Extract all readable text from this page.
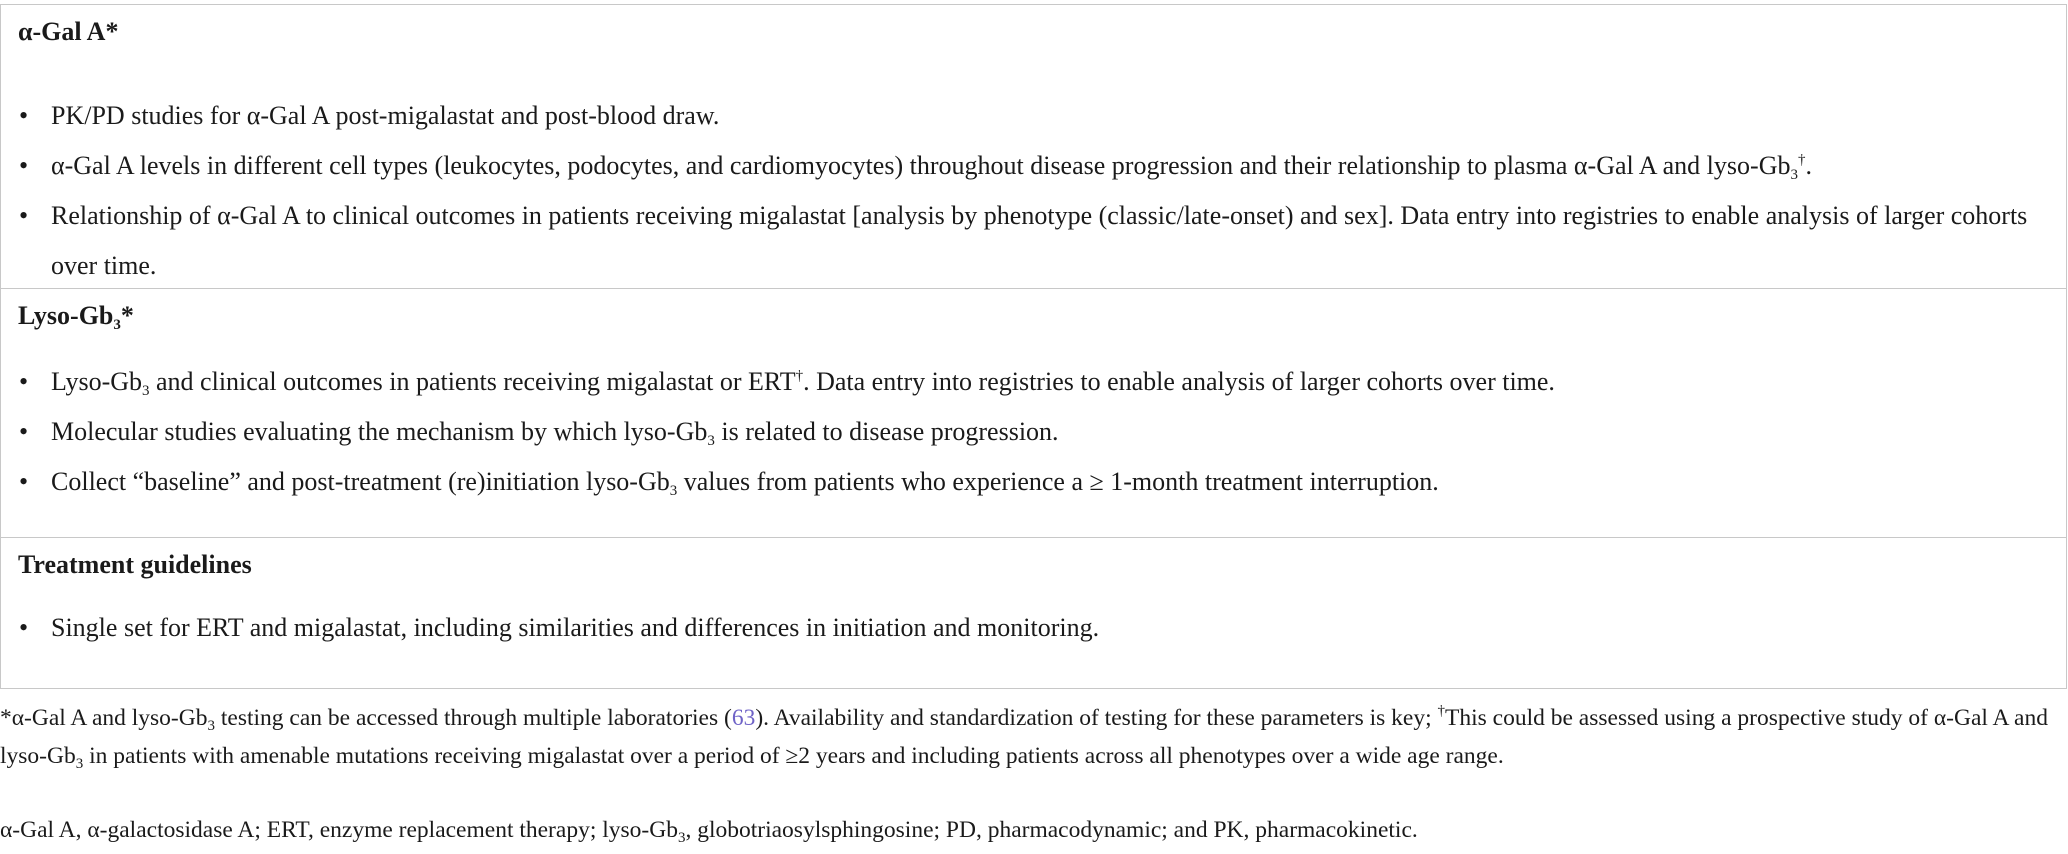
α-Gal A*
• PK/PD studies for α-Gal A post-migalastat and post-blood draw.
• α-Gal A levels in different cell types (leukocytes, podocytes, and cardiomyocytes) throughout disease progression and their relationship to plasma α-Gal A and lyso-$Gb_3^\dagger$.
• Relationship of α-Gal A to clinical outcomes in patients receiving migalastat [analysis by phenotype (classic/late-onset) and sex]. Data entry into registries to enable analysis of larger cohorts over time.
Lyso-$Gb_3*$
• Lyso-$Gb_3$ and clinical outcomes in patients receiving migalastat or ERT†. Data entry into registries to enable analysis of larger cohorts over time.
• Molecular studies evaluating the mechanism by which lyso-$Gb_3$ is related to disease progression.
• Collect “baseline” and post-treatment (re)initiation lyso-$Gb_3$ values from patients who experience a ≥ 1-month treatment interruption.
Treatment guidelines
• Single set for ERT and migalastat, including similarities and differences in initiation and monitoring.
*α-Gal A and lyso-$Gb_3$ testing can be accessed through multiple laboratories (63). Availability and standardization of testing for these parameters is key; †This could be assessed using a prospective study of α-Gal A and lyso-$Gb_3$ in patients with amenable mutations receiving migalastat over a period of ≥2 years and including patients across all phenotypes over a wide age range.
α-Gal A, α-galactosidase A; ERT, enzyme replacement therapy; lyso-$Gb_3$, globotriaosylsphingosine; PD, pharmacodynamic; and PK, pharmacokinetic.
